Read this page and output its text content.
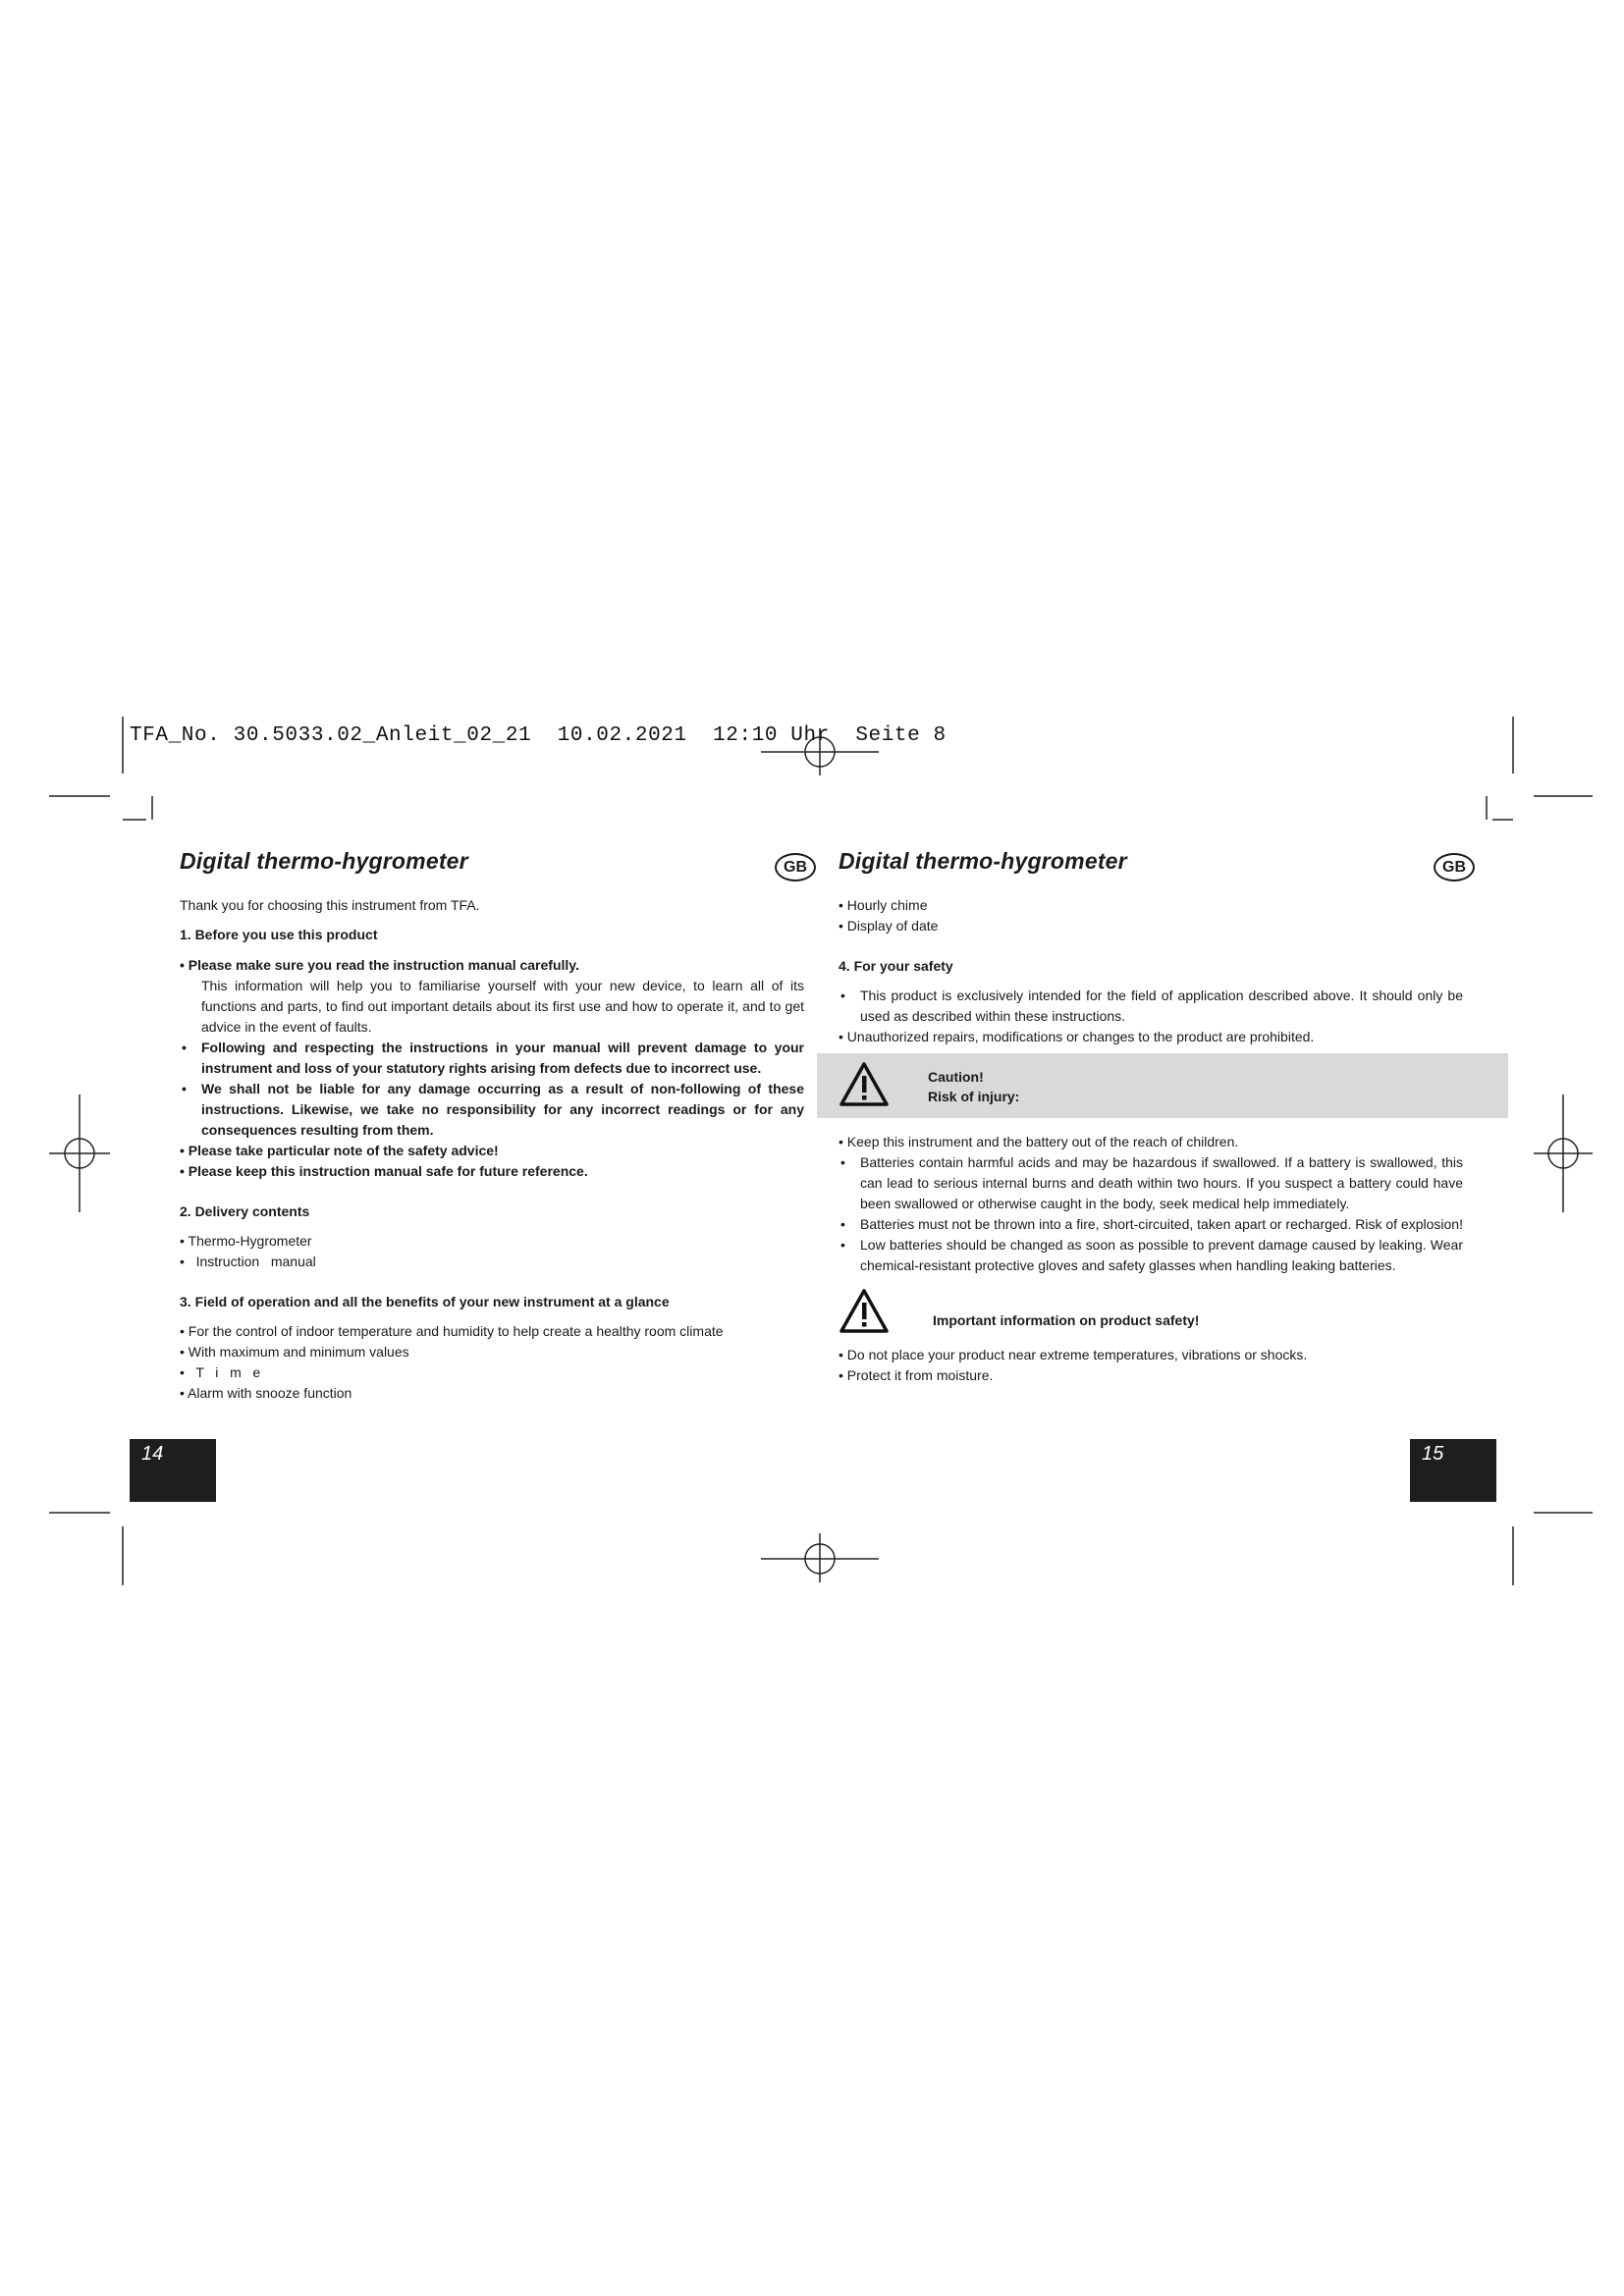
TFA_No. 30.5033.02_Anleit_02_21  10.02.2021  12:10 Uhr  Seite 8

Digital thermo-hygrometer	GB

Thank you for choosing this instrument from TFA.

1. Before you use this product

• Please make sure you read the instruction manual carefully.

This information will help you to familiarise yourself with your new device, to learn all of its functions and parts, to find out important details about its first use and how to operate it, and to get advice in the event of faults.

• Following and respecting the instructions in your manual will prevent damage to your instrument and loss of your statutory rights arising from defects due to incorrect use.
• We shall not be liable for any damage occurring as a result of non-following of these instructions. Likewise, we take no responsibility for any incorrect readings or for any consequences resulting from them.
• Please take particular note of the safety advice!
• Please keep this instruction manual safe for future reference.

2. Delivery contents

• Thermo-Hygrometer
•   Instruction   manual

3. Field of operation and all the benefits of your new instrument at a glance

• For the control of indoor temperature and humidity to help create a healthy room climate
• With maximum and minimum values
•   T   i   m   e
• Alarm with snooze function
14
Digital thermo-hygrometer	GB
• Hourly chime
• Display of date

4. For your safety

• This product is exclusively intended for the field of application described above. It should only be used as described within these instructions.
• Unauthorized repairs, modifications or changes to the product are prohibited.
Caution!
Risk of injury:
• Keep this instrument and the battery out of the reach of children.
• Batteries contain harmful acids and may be hazardous if swallowed. If a battery is swallowed, this can lead to serious internal burns and death within two hours. If you suspect a battery could have been swallowed or otherwise caught in the body, seek medical help immediately.
• Batteries must not be thrown into a fire, short-circuited, taken apart or recharged. Risk of explosion!
• Low batteries should be changed as soon as possible to prevent damage caused by leaking. Wear chemical-resistant protective gloves and safety glasses when handling leaking batteries.
Important information on product safety!
• Do not place your product near extreme temperatures, vibrations or shocks.
• Protect it from moisture.
15
